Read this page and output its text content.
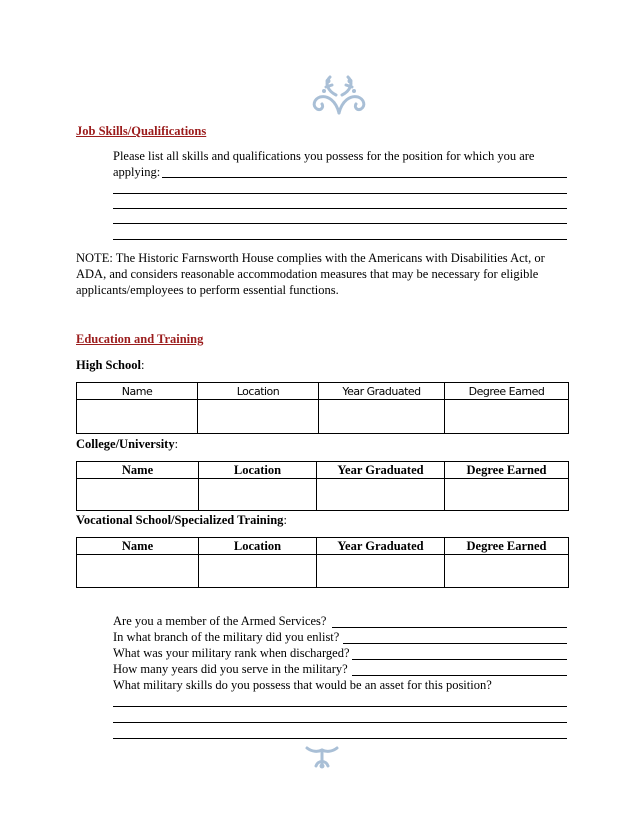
Job Skills/Qualifications
Please list all skills and qualifications you possess for the position for which you are
applying:
NOTE: The Historic Farnsworth House complies with the Americans with Disabilities Act, or
ADA, and considers reasonable accommodation measures that may be necessary for eligible
applicants/employees to perform essential functions.
Education and Training
High School:
Name	Location	Year Graduated	Degree Earned

College/University:
Name	Location	Year Graduated	Degree Earned

Vocational School/Specialized Training:
Name	Location	Year Graduated	Degree Earned

Are you a member of the Armed Services?
In what branch of the military did you enlist?
What was your military rank when discharged?
How many years did you serve in the military?
What military skills do you possess that would be an asset for this position?
